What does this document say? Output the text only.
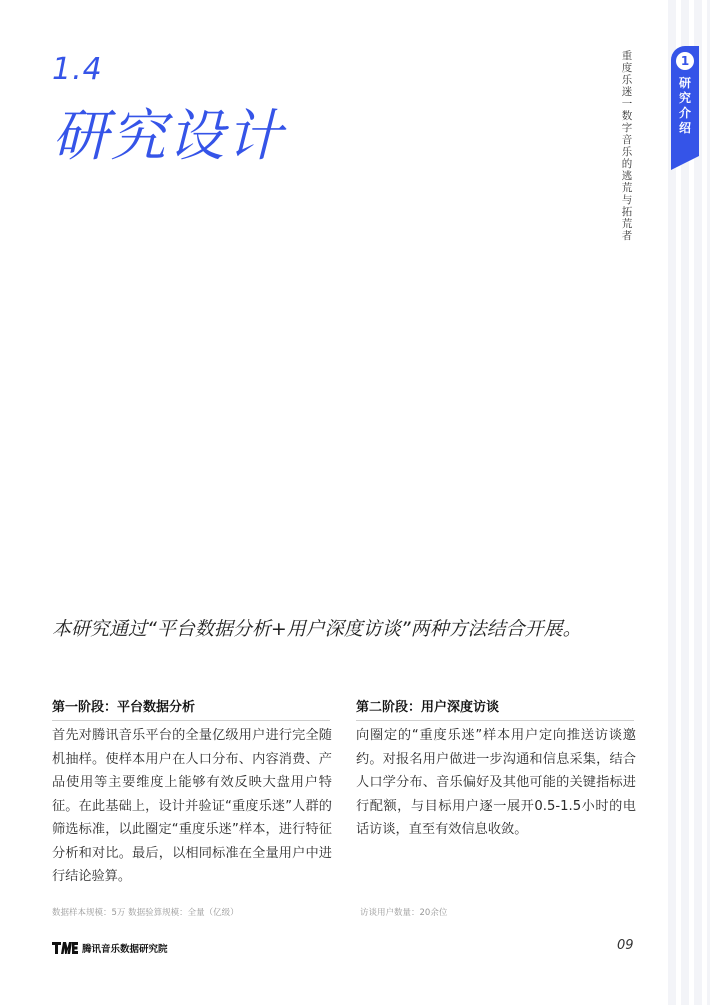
1.4
研究设计
重度乐迷一数字音乐的逃荒与拓荒者
1
研究介绍
本研究通过“平台数据分析+用户深度访谈”两种方法结合开展。
第一阶段：平台数据分析
首先对腾讯音乐平台的全量亿级用户进行完全随机抽样。使样本用户在人口分布、内容消费、产品使用等主要维度上能够有效反映大盘用户特征。在此基础上，设计并验证“重度乐迷”人群的筛选标准，以此圈定“重度乐迷”样本，进行特征分析和对比。最后，以相同标准在全量用户中进行结论验算。
第二阶段：用户深度访谈
向圈定的“重度乐迷”样本用户定向推送访谈邀约。对报名用户做进一步沟通和信息采集，结合人口学分布、音乐偏好及其他可能的关键指标进行配额，与目标用户逐一展开0.5-1.5小时的电话访谈，直至有效信息收敛。
数据样本规模：5万 数据验算规模：全量（亿级）	访谈用户数量：20余位
腾讯音乐数据研究院	09
